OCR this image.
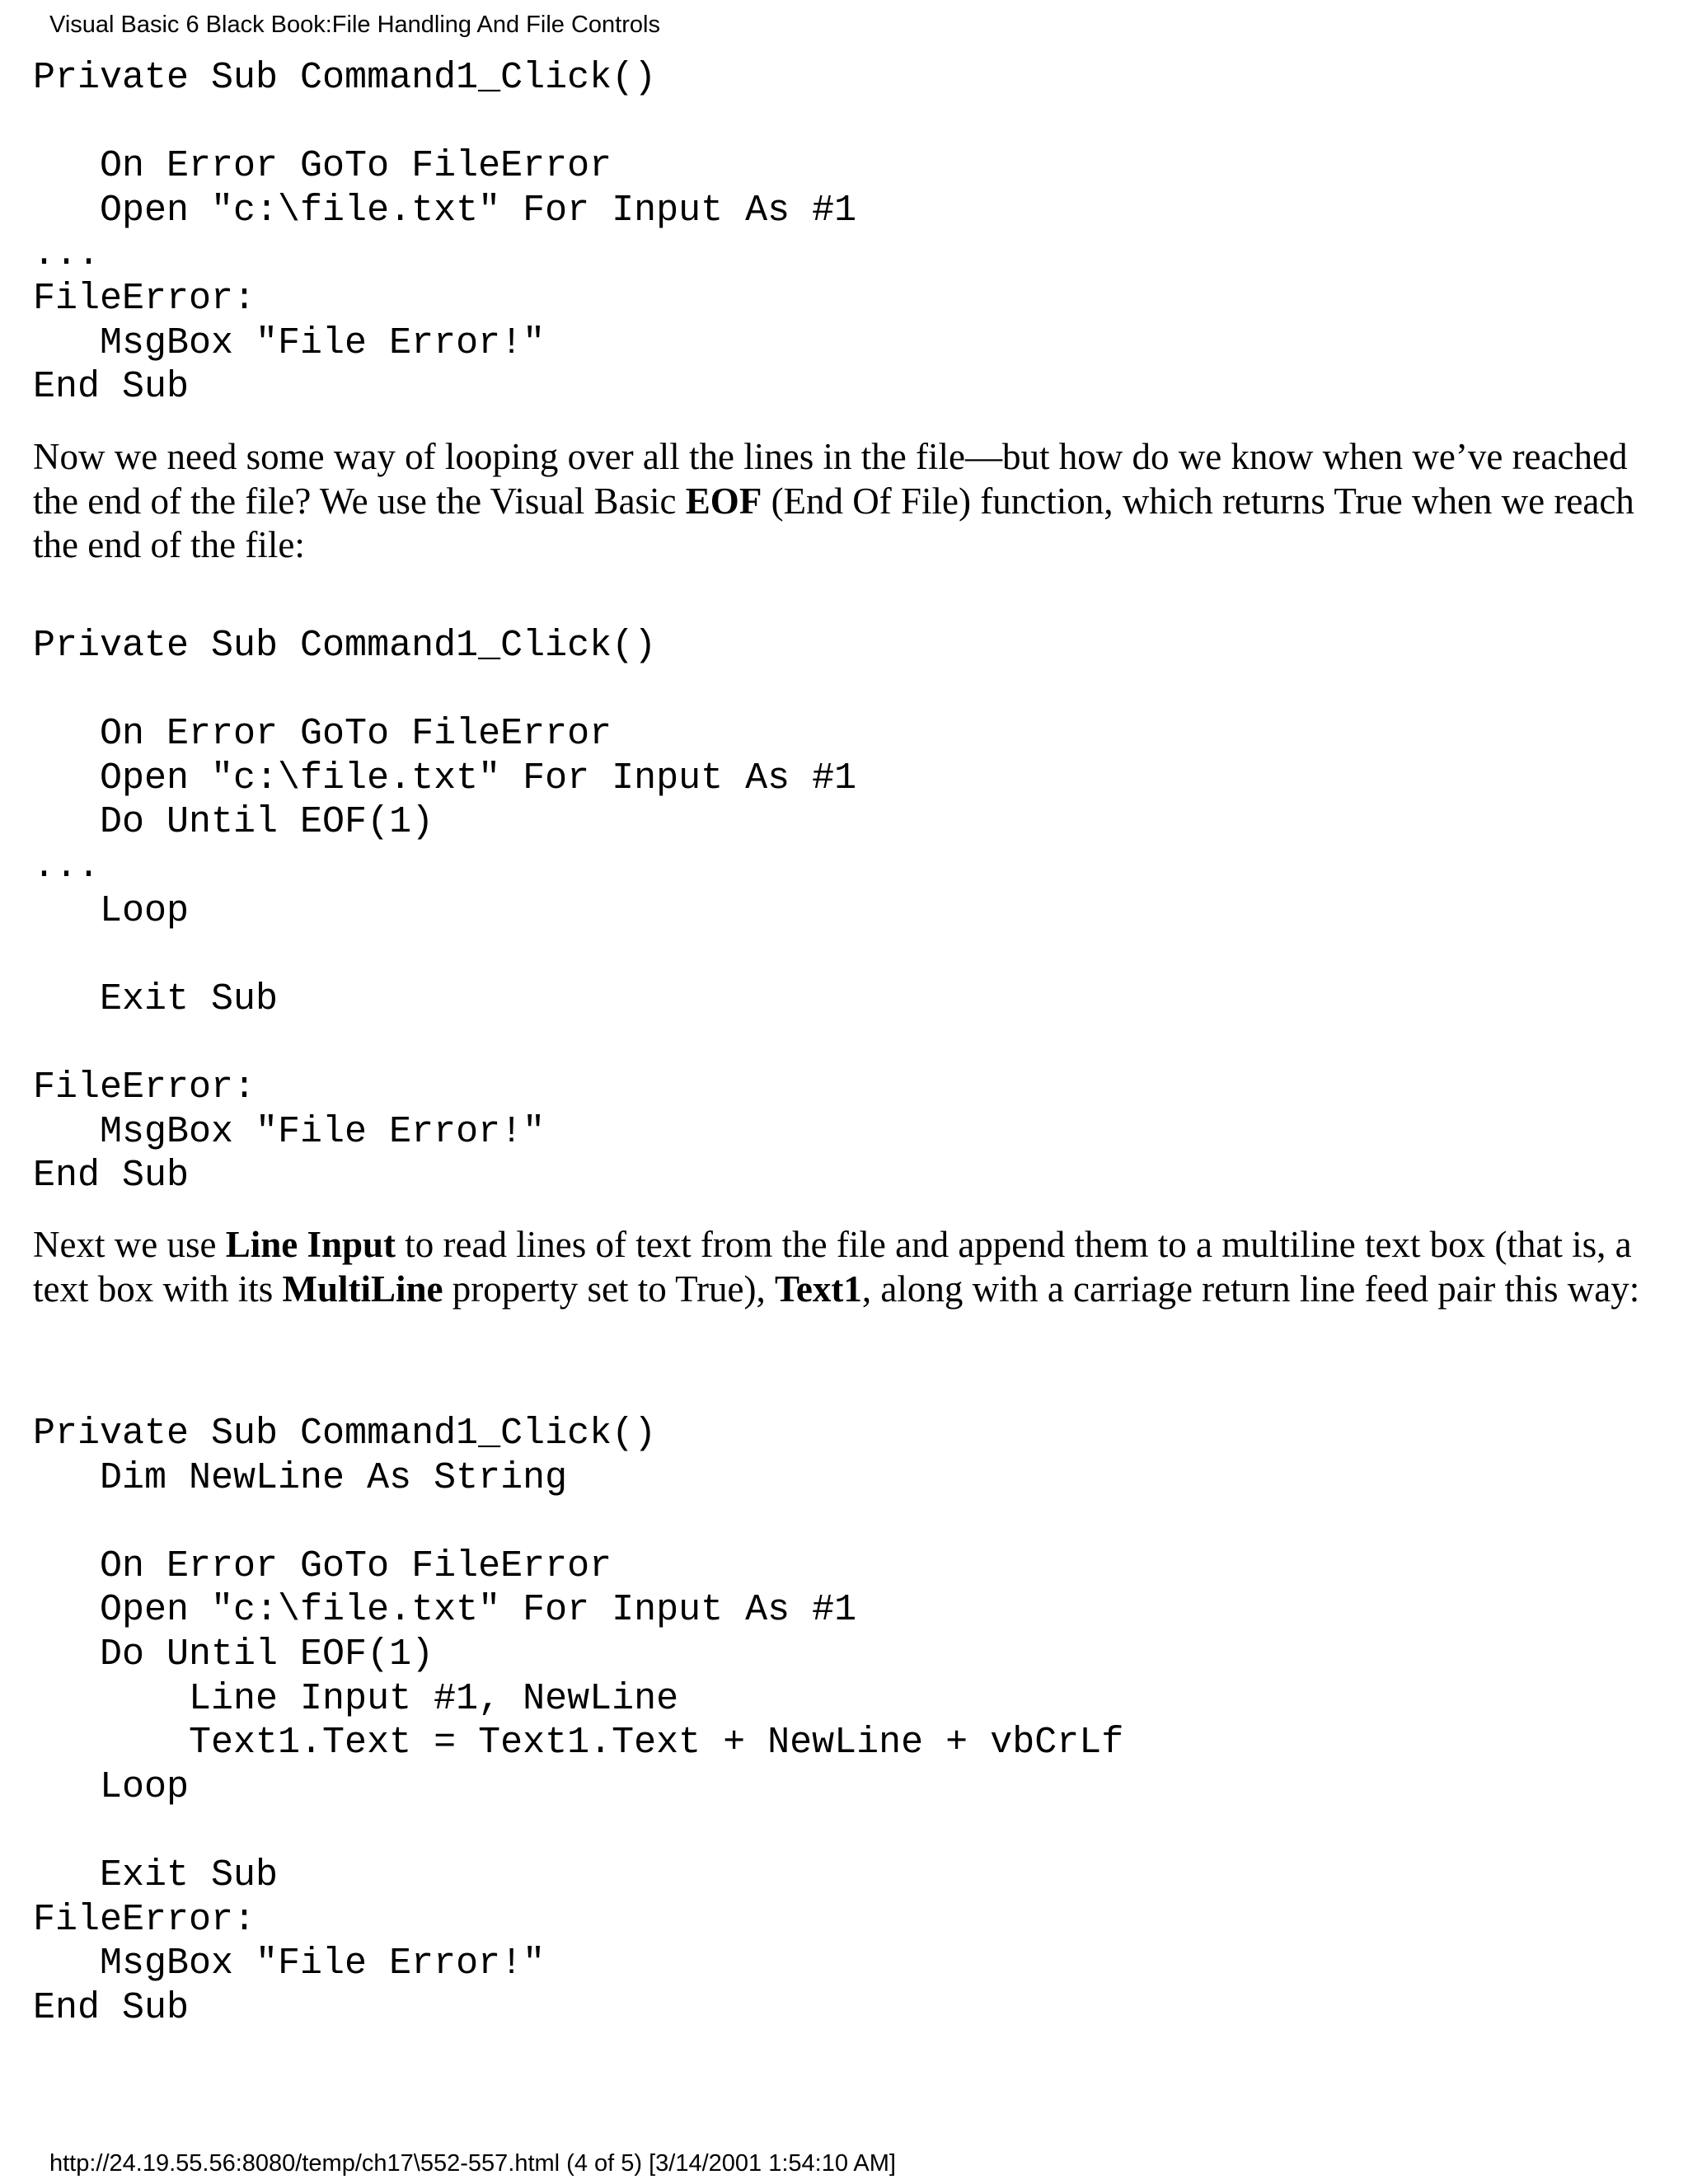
Visual Basic 6 Black Book:File Handling And File Controls
Private Sub Command1_Click()
On Error GoTo FileError
Open "c:\file.txt" For Input As #1
...
FileError:
MsgBox "File Error!"
End Sub

Now we need some way of looping over all the lines in the file—but how do we know when we’ve reached the end of the file? We use the Visual Basic EOF (End Of File) function, which returns True when we reach the end of the file:

Private Sub Command1_Click()
On Error GoTo FileError
Open "c:\file.txt" For Input As #1
Do Until EOF(1)
...
Loop
Exit Sub
FileError:
MsgBox "File Error!"
End Sub

Next we use Line Input to read lines of text from the file and append them to a multiline text box (that is, a text box with its MultiLine property set to True), Text1, along with a carriage return line feed pair this way:

Private Sub Command1_Click()
Dim NewLine As String
On Error GoTo FileError
Open "c:\file.txt" For Input As #1
Do Until EOF(1)
Line Input #1, NewLine
Text1.Text = Text1.Text + NewLine + vbCrLf
Loop
Exit Sub
FileError:
MsgBox "File Error!"
End Sub
http://24.19.55.56:8080/temp/ch17\552-557.html (4 of 5) [3/14/2001 1:54:10 AM]
